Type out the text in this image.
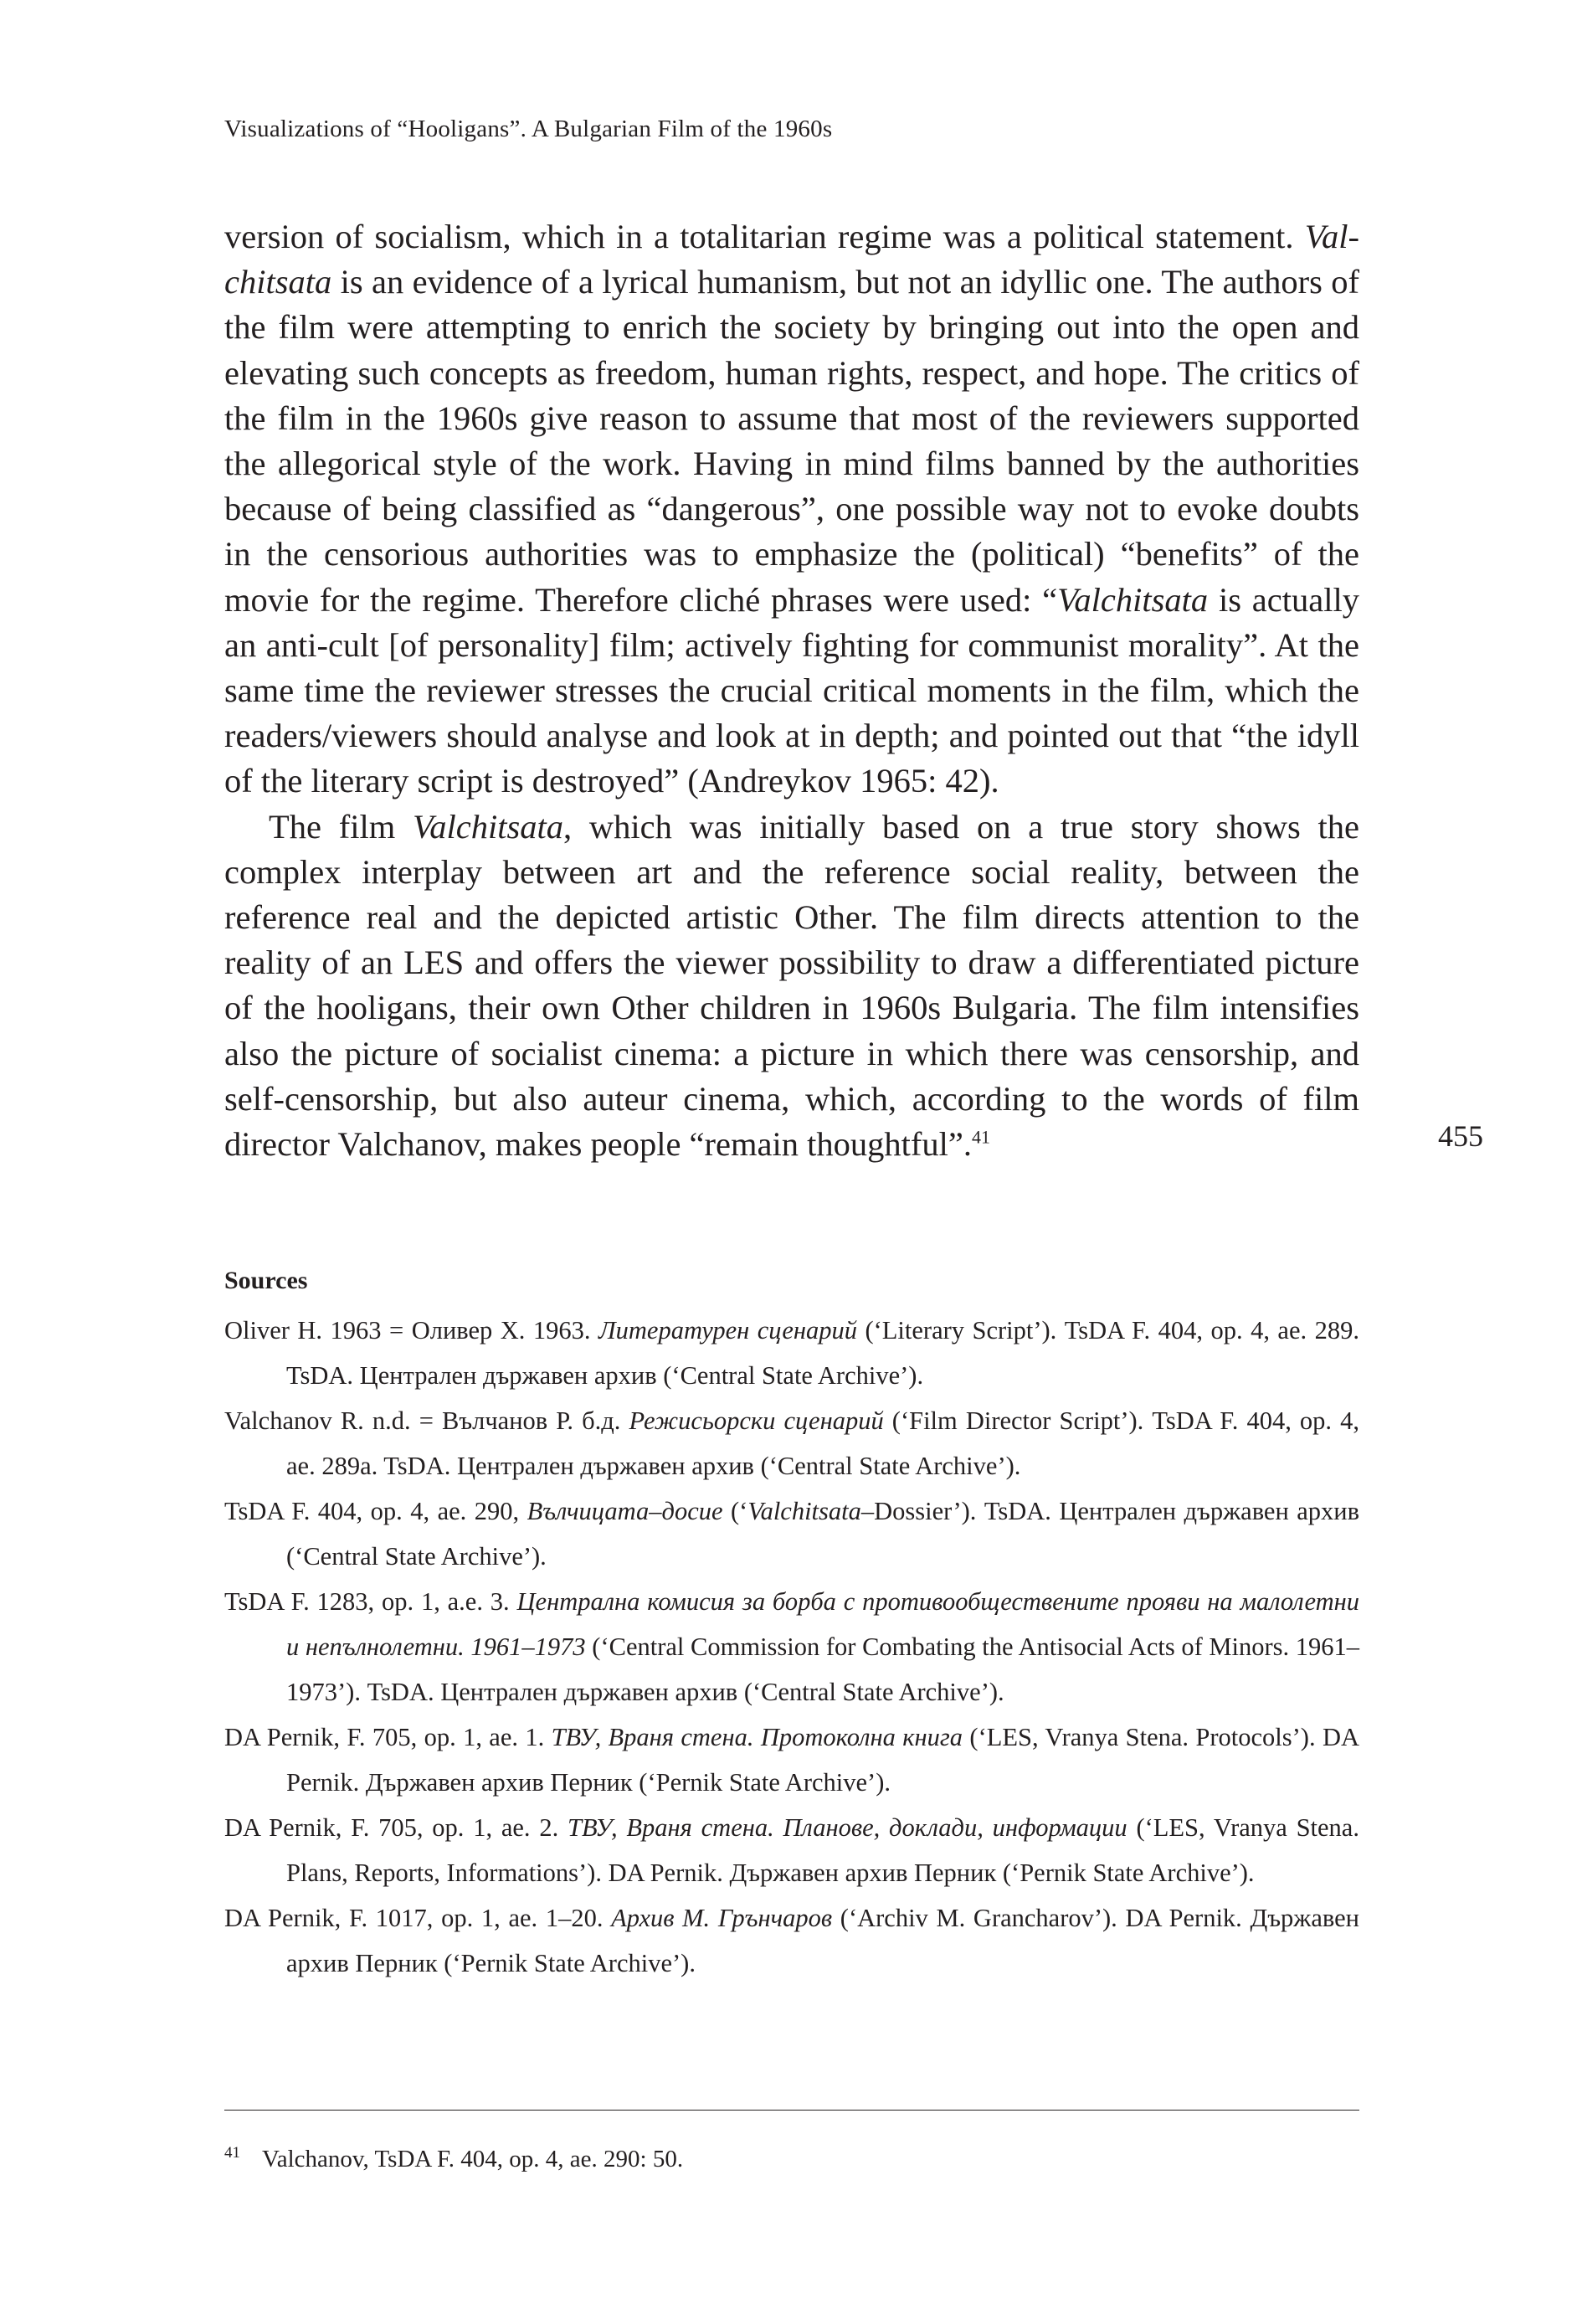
Visualizations of “Hooligans”. A Bulgarian Film of the 1960s

version of socialism, which in a totalitarian regime was a political statement. Val-chitsata is an evidence of a lyrical humanism, but not an idyllic one. The authors of the film were attempting to enrich the society by bringing out into the open and elevating such concepts as freedom, human rights, respect, and hope. The critics of the film in the 1960s give reason to assume that most of the reviewers supported the allegorical style of the work. Having in mind films banned by the authorities because of being classified as “dangerous”, one possible way not to evoke doubts in the censorious authorities was to emphasize the (political) “benefits” of the movie for the regime. Therefore cliché phrases were used: “Valchitsata is actually an anti-cult [of personality] film; actively fighting for communist morality”. At the same time the reviewer stresses the crucial critical moments in the film, which the readers/viewers should analyse and look at in depth; and pointed out that “the idyll of the literary script is destroyed” (Andreykov 1965: 42).

The film Valchitsata, which was initially based on a true story shows the complex interplay between art and the reference social reality, between the reference real and the depicted artistic Other. The film directs attention to the reality of an LES and offers the viewer possibility to draw a differentiated picture of the hooligans, their own Other children in 1960s Bulgaria. The film intensifies also the picture of socialist cinema: a picture in which there was censorship, and self-censorship, but also auteur cinema, which, according to the words of film director Valchanov, makes people “remain thoughtful”.$^{41}$	455
Sources
Oliver H. 1963 = Оливер Х. 1963. Литературен сценарий (‘Literary Script’). TsDA F. 404, op. 4, ae. 289. TsDA. Централен държавен архив (‘Central State Archive’).
Valchanov R. n.d. = Вълчанов Р. б.д. Режисьорски сценарий (‘Film Director Script’). TsDA F. 404, op. 4, ae. 289a. TsDA. Централен държавен архив (‘Central State Archive’).
TsDA F. 404, op. 4, ae. 290, Вълчицата–досие (‘Valchitsata–Dossier’). TsDA. Централен държавен архив (‘Central State Archive’).
TsDA F. 1283, op. 1, a.e. 3. Централна комисия за борба с противообществените прояви на малолетни и непълнолетни. 1961–1973 (‘Central Commission for Combating the Antisocial Acts of Minors. 1961–1973’). TsDA. Централен държавен архив (‘Central State Archive’).
DA Pernik, F. 705, op. 1, ae. 1. ТВУ, Враня стена. Протоколна книга (‘LES, Vranya Stena. Protocols’). DA Pernik. Държавен архив Перник (‘Pernik State Archive’).
DA Pernik, F. 705, op. 1, ae. 2. ТВУ, Враня стена. Планове, доклади, информации (‘LES, Vranya Stena. Plans, Reports, Informations’). DA Pernik. Държавен архив Перник (‘Pernik State Archive’).
DA Pernik, F. 1017, op. 1, ae. 1–20. Архив М. Грънчаров (‘Archiv M. Grancharov’). DA Pernik. Държавен архив Перник (‘Pernik State Archive’).
$^{41}$ Valchanov, TsDA F. 404, op. 4, ae. 290: 50.
